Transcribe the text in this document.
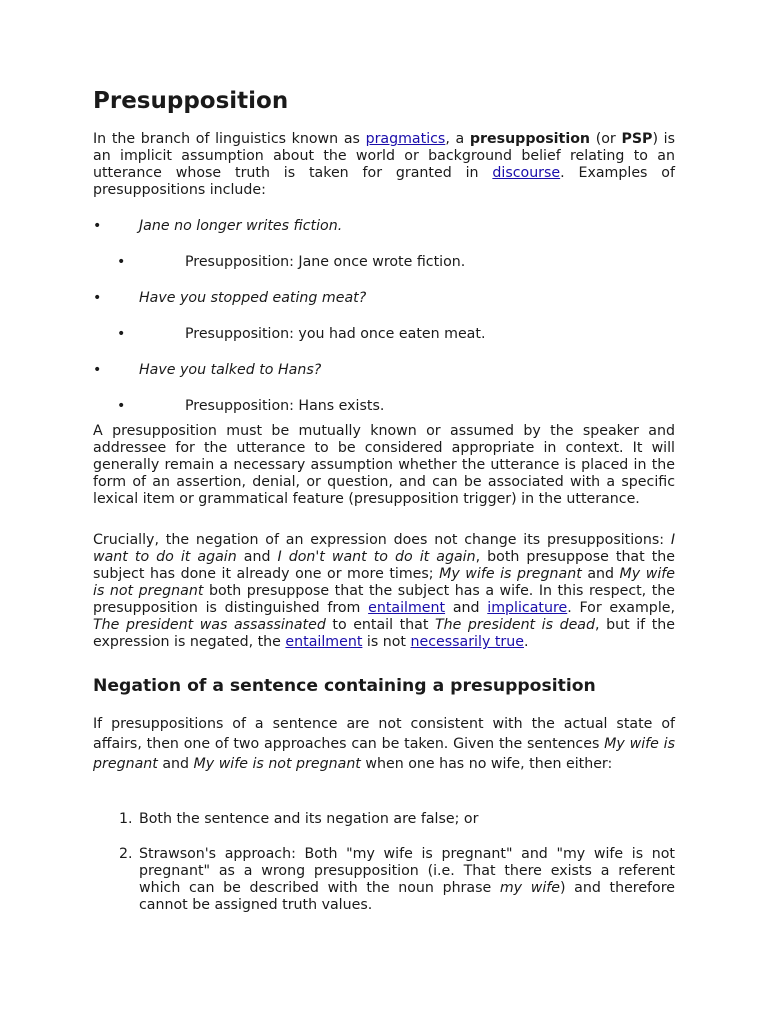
Presupposition

In the branch of linguistics known as pragmatics, a presupposition (or PSP) is an implicit assumption about the world or background belief relating to an utterance whose truth is taken for granted in discourse. Examples of presuppositions include:

•	Jane no longer writes fiction.
•	Presupposition: Jane once wrote fiction.
•	Have you stopped eating meat?
•	Presupposition: you had once eaten meat.
•	Have you talked to Hans?
•	Presupposition: Hans exists.

A presupposition must be mutually known or assumed by the speaker and addressee for the utterance to be considered appropriate in context. It will generally remain a necessary assumption whether the utterance is placed in the form of an assertion, denial, or question, and can be associated with a specific lexical item or grammatical feature (presupposition trigger) in the utterance.

Crucially, the negation of an expression does not change its presuppositions: I want to do it again and I don't want to do it again, both presuppose that the subject has done it already one or more times; My wife is pregnant and My wife is not pregnant both presuppose that the subject has a wife. In this respect, the presupposition is distinguished from entailment and implicature. For example, The president was assassinated to entail that The president is dead, but if the expression is negated, the entailment is not necessarily true.

Negation of a sentence containing a presupposition

If presuppositions of a sentence are not consistent with the actual state of affairs, then one of two approaches can be taken. Given the sentences My wife is pregnant and My wife is not pregnant when one has no wife, then either:

1. Both the sentence and its negation are false; or

2. Strawson's approach: Both "my wife is pregnant" and "my wife is not pregnant" as a wrong presupposition (i.e. That there exists a referent which can be described with the noun phrase my wife) and therefore cannot be assigned truth values.
